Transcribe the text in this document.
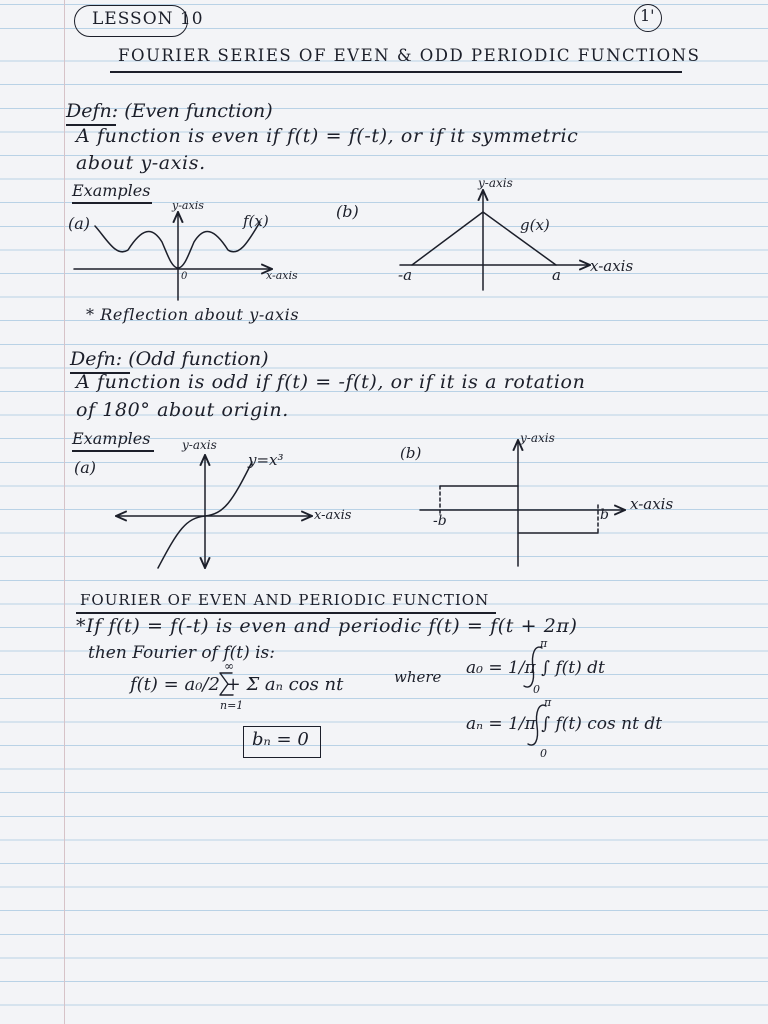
LESSON 10	1'
FOURIER SERIES OF EVEN & ODD PERIODIC FUNCTIONS
Defn: (Even function)
A function is even if f(t) = f(-t), or if it symmetric
about y-axis.
Examples
(a)
y-axis
f(x)
0	x-axis
(b)
y-axis
g(x)
-a	a x-axis
* Reflection about y-axis
Defn: (Odd function)
A function is odd if f(t) = -f(t), or if it is a rotation
of 180° about origin.
Examples
(a)
y-axis
y=x³
x-axis
(b)
y-axis
-b	b
x-axis
FOURIER OF EVEN AND PERIODIC FUNCTION
*If f(t) = f(-t) is even and periodic f(t) = f(t + 2π)
then Fourier of f(t) is:
f(t) = a₀/2 + Σ aₙ cos nt
∞
n=1
where a₀ = 1/π ∫ f(t) dt
π
0
aₙ = 1/π ∫ f(t) cos nt dt
π
0
bₙ = 0
